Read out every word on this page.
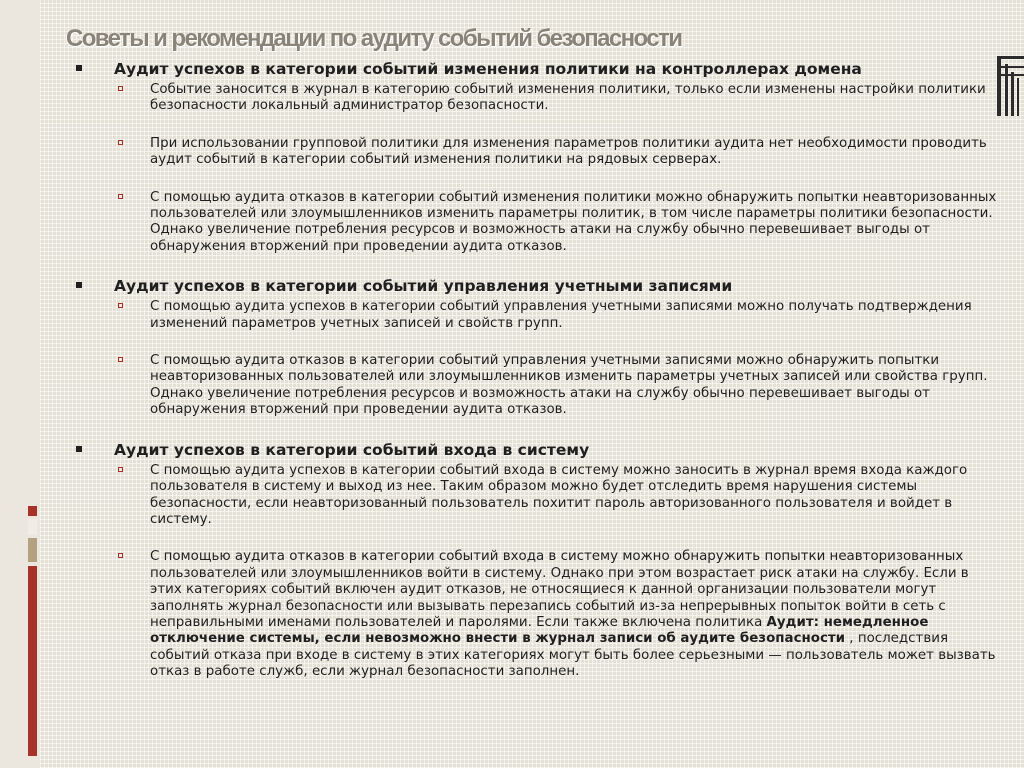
Советы и рекомендации по аудиту событий безопасности
Аудит успехов в категории событий изменения политики на контроллерах домена
Событие заносится в журнал в категорию событий изменения политики, только если изменены настройки политики безопасности локальный администратор безопасности.
При использовании групповой политики для изменения параметров политики аудита нет необходимости проводить аудит событий в категории событий изменения политики на рядовых серверах.
С помощью аудита отказов в категории событий изменения политики можно обнаружить попытки неавторизованных пользователей или злоумышленников изменить параметры политик, в том числе параметры политики безопасности. Однако увеличение потребления ресурсов и возможность атаки на службу обычно перевешивает выгоды от обнаружения вторжений при проведении аудита отказов.
Аудит успехов в категории событий управления учетными записями
С помощью аудита успехов в категории событий управления учетными записями можно получать подтверждения изменений параметров учетных записей и свойств групп.
С помощью аудита отказов в категории событий управления учетными записями можно обнаружить попытки неавторизованных пользователей или злоумышленников изменить параметры учетных записей или свойства групп. Однако увеличение потребления ресурсов и возможность атаки на службу обычно перевешивает выгоды от обнаружения вторжений при проведении аудита отказов.
Аудит успехов в категории событий входа в систему
С помощью аудита успехов в категории событий входа в систему можно заносить в журнал время входа каждого пользователя в систему и выход из нее. Таким образом можно будет отследить время нарушения системы безопасности, если неавторизованный пользователь похитит пароль авторизованного пользователя и войдет в систему.
С помощью аудита отказов в категории событий входа в систему можно обнаружить попытки неавторизованных пользователей или злоумышленников войти в систему. Однако при этом возрастает риск атаки на службу. Если в этих категориях событий включен аудит отказов, не относящиеся к данной организации пользователи могут заполнять журнал безопасности или вызывать перезапись событий из-за непрерывных попыток войти в сеть с неправильными именами пользователей и паролями. Если также включена политика Аудит: немедленное отключение системы, если невозможно внести в журнал записи об аудите безопасности , последствия событий отказа при входе в систему в этих категориях могут быть более серьезными — пользователь может вызвать отказ в работе служб, если журнал безопасности заполнен.
